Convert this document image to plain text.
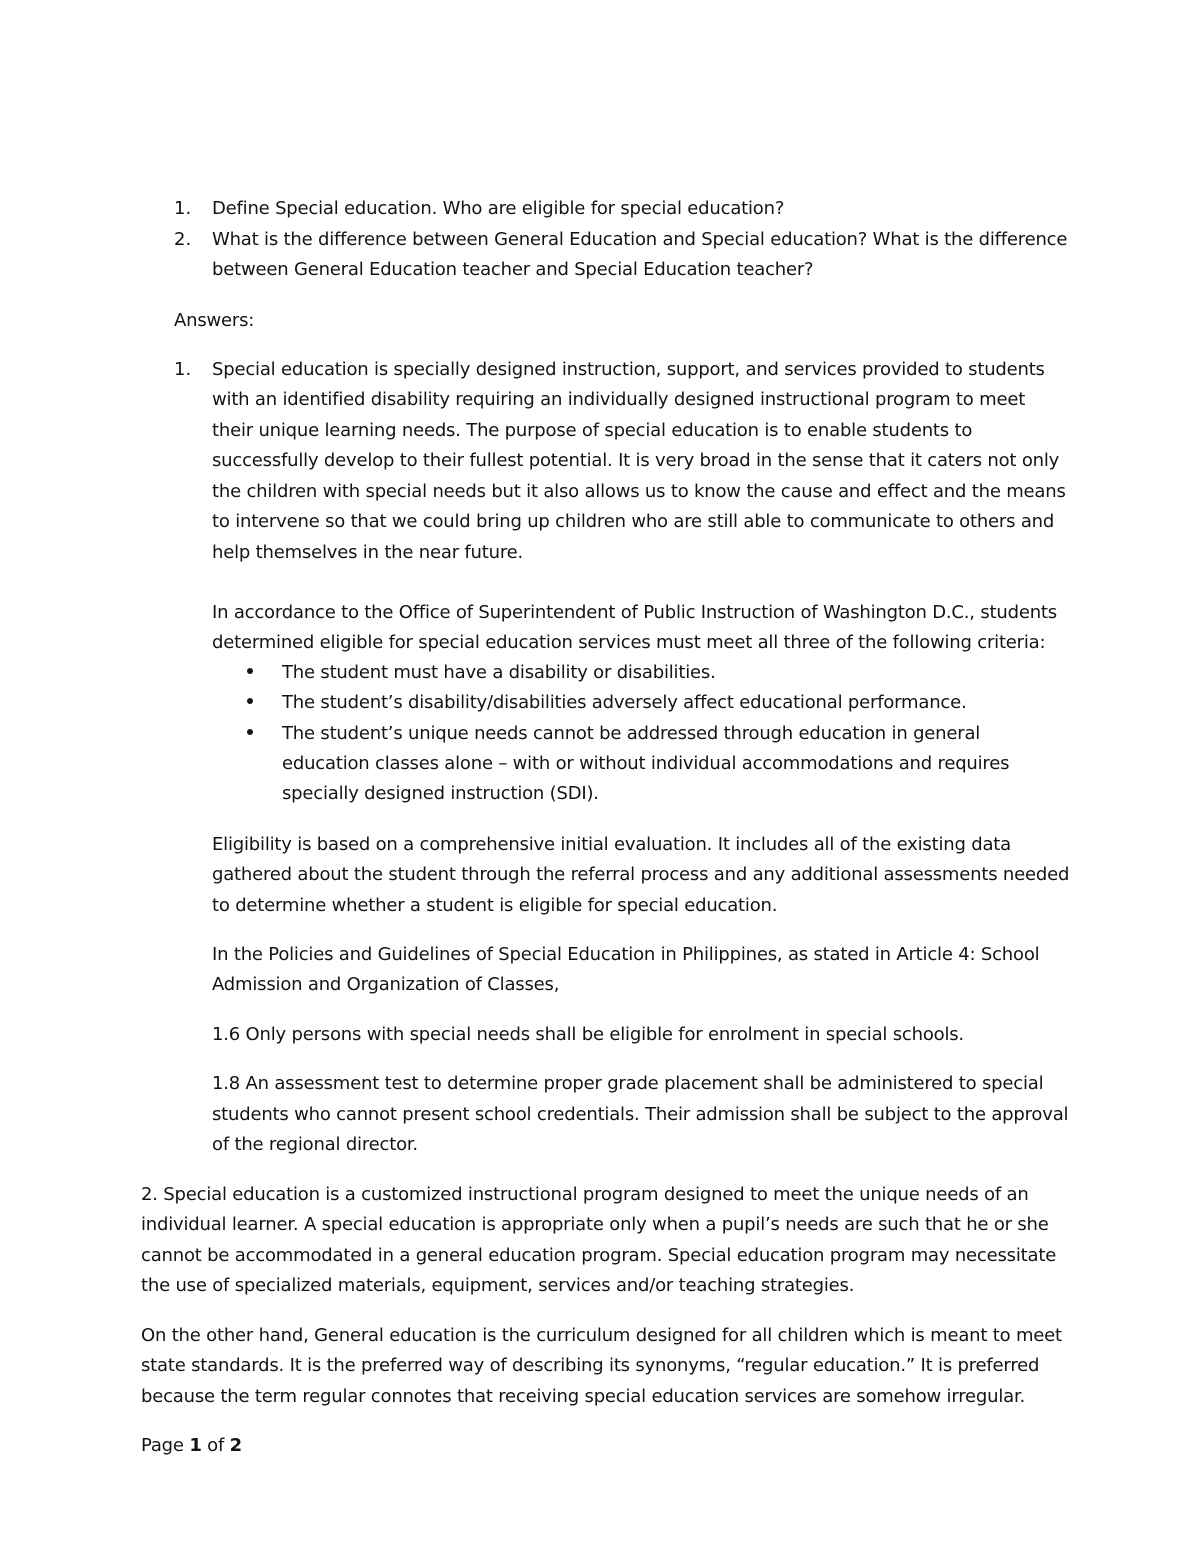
1. Define Special education. Who are eligible for special education?
2. What is the difference between General Education and Special education? What is the difference
between General Education teacher and Special Education teacher?
Answers:
1. Special education is specially designed instruction, support, and services provided to students
with an identified disability requiring an individually designed instructional program to meet
their unique learning needs. The purpose of special education is to enable students to
successfully develop to their fullest potential. It is very broad in the sense that it caters not only
the children with special needs but it also allows us to know the cause and effect and the means
to intervene so that we could bring up children who are still able to communicate to others and
help themselves in the near future.
In accordance to the Office of Superintendent of Public Instruction of Washington D.C., students
determined eligible for special education services must meet all three of the following criteria:
The student must have a disability or disabilities.
The student’s disability/disabilities adversely affect educational performance.
The student’s unique needs cannot be addressed through education in general
education classes alone – with or without individual accommodations and requires
specially designed instruction (SDI).
Eligibility is based on a comprehensive initial evaluation. It includes all of the existing data
gathered about the student through the referral process and any additional assessments needed
to determine whether a student is eligible for special education.
In the Policies and Guidelines of Special Education in Philippines, as stated in Article 4: School
Admission and Organization of Classes,
1.6 Only persons with special needs shall be eligible for enrolment in special schools.
1.8 An assessment test to determine proper grade placement shall be administered to special
students who cannot present school credentials. Their admission shall be subject to the approval
of the regional director.
2. Special education is a customized instructional program designed to meet the unique needs of an
individual learner. A special education is appropriate only when a pupil’s needs are such that he or she
cannot be accommodated in a general education program. Special education program may necessitate
the use of specialized materials, equipment, services and/or teaching strategies.
On the other hand, General education is the curriculum designed for all children which is meant to meet
state standards. It is the preferred way of describing its synonyms, “regular education.” It is preferred
because the term regular connotes that receiving special education services are somehow irregular.
Page 1 of 2
